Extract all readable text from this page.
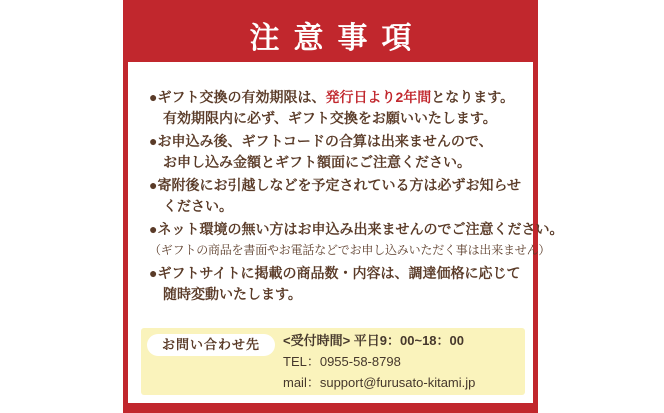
注意事項
●ギフト交換の有効期限は、発行日より2年間となります。
有効期限内に必ず、ギフト交換をお願いいたします。
●お申込み後、ギフトコードの合算は出来ませんので、
お申し込み金額とギフト額面にご注意ください。
●寄附後にお引越しなどを予定されている方は必ずお知らせ
ください。
●ネット環境の無い方はお申込み出来ませんのでご注意ください。
（ギフトの商品を書面やお電話などでお申し込みいただく事は出来ません）
●ギフトサイトに掲載の商品数・内容は、調達価格に応じて
随時変動いたします。
お問い合わせ先	<受付時間> 平日9：00~18：00
TEL：0955-58-8798
mail：support@furusato-kitami.jp
